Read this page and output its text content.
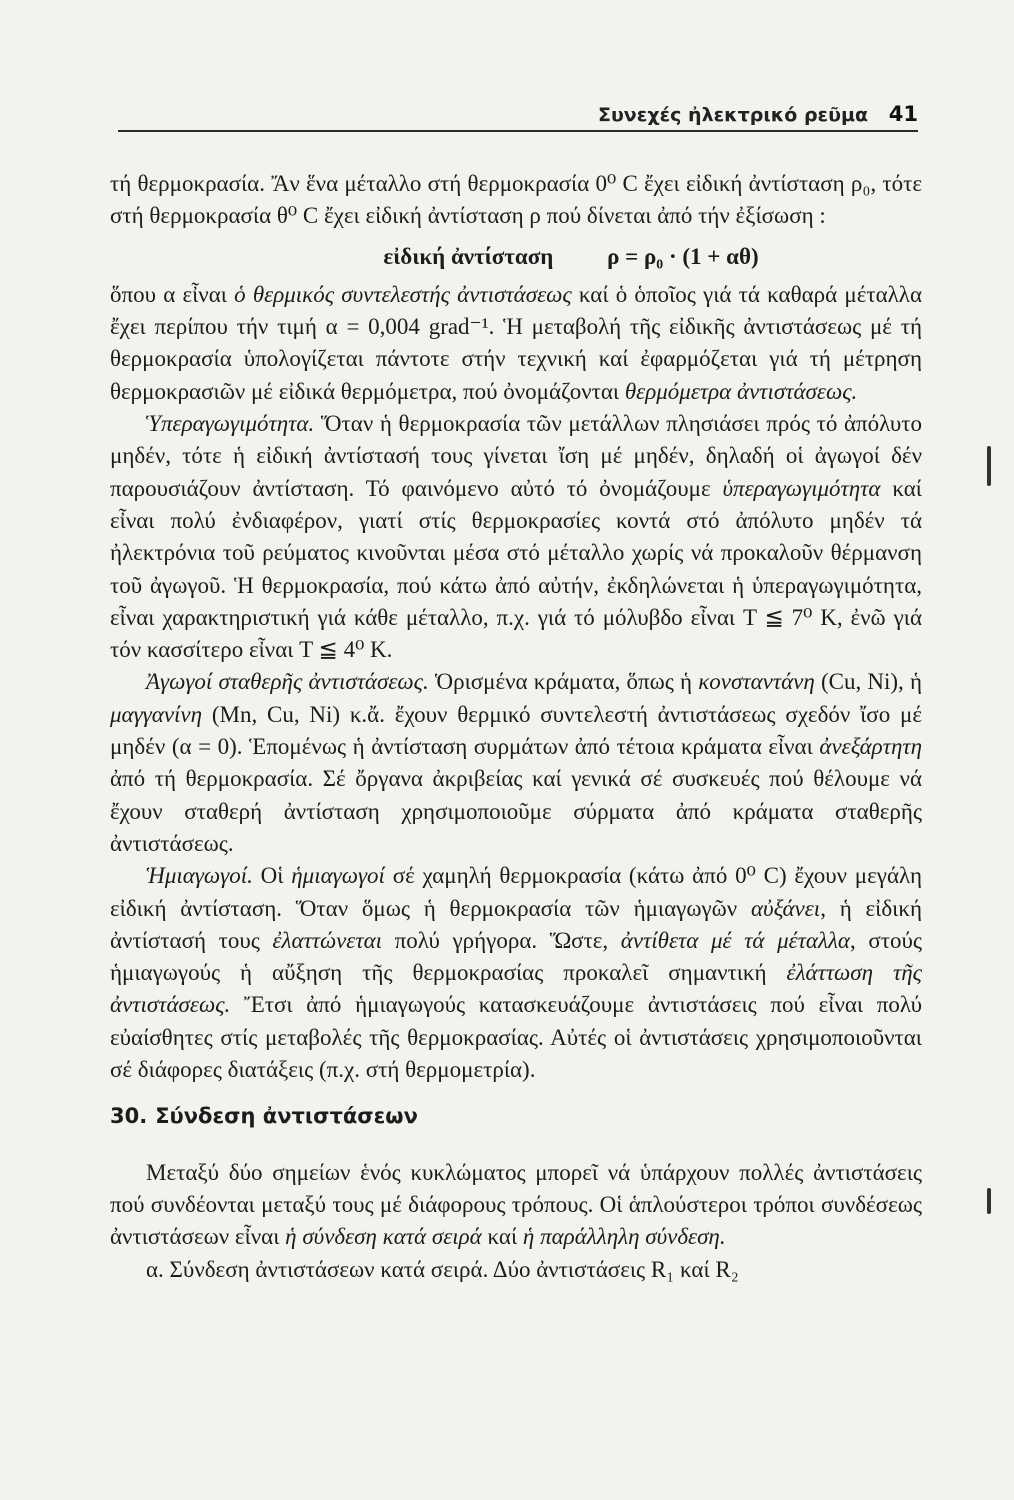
Συνεχές ἠλεκτρικό ρεῦμα 41

τή θερμοκρασία. Ἄν ἕνα μέταλλο στή θερμοκρασία 0⁰ C ἔχει εἰδική ἀντίσταση ρ₀, τότε στή θερμοκρασία θ⁰ C ἔχει εἰδική ἀντίσταση ρ πού δίνεται ἀπό τήν ἐξίσωση :

εἰδική ἀντίσταση ρ = ρ₀ · (1 + αθ)

ὅπου α εἶναι ὁ θερμικός συντελεστής ἀντιστάσεως καί ὁ ὁποῖος γιά τά καθαρά μέταλλα ἔχει περίπου τήν τιμή α = 0,004 grad⁻¹. Ἡ μεταβολή τῆς εἰδικῆς ἀντιστάσεως μέ τή θερμοκρασία ὑπολογίζεται πάντοτε στήν τεχνική καί ἐφαρμόζεται γιά τή μέτρηση θερμοκρασιῶν μέ εἰδικά θερμόμετρα, πού ὀνομάζονται θερμόμετρα ἀντιστάσεως.

Ὑπεραγωγιμότητα. Ὅταν ἡ θερμοκρασία τῶν μετάλλων πλησιάσει πρός τό ἀπόλυτο μηδέν, τότε ἡ εἰδική ἀντίστασή τους γίνεται ἴση μέ μηδέν, δηλαδή οἱ ἀγωγοί δέν παρουσιάζουν ἀντίσταση. Τό φαινόμενο αὐτό τό ὀνομάζουμε ὑπεραγωγιμότητα καί εἶναι πολύ ἐνδιαφέρον, γιατί στίς θερμοκρασίες κοντά στό ἀπόλυτο μηδέν τά ἠλεκτρόνια τοῦ ρεύματος κινοῦνται μέσα στό μέταλλο χωρίς νά προκαλοῦν θέρμανση τοῦ ἀγωγοῦ. Ἡ θερμοκρασία, πού κάτω ἀπό αὐτήν, ἐκδηλώνεται ἡ ὑπεραγωγιμότητα, εἶναι χαρακτηριστική γιά κάθε μέταλλο, π.χ. γιά τό μόλυβδο εἶναι T ≦ 7⁰ K, ἐνῶ γιά τόν κασσίτερο εἶναι T ≦ 4⁰ K.

Ἀγωγοί σταθερῆς ἀντιστάσεως. Ὁρισμένα κράματα, ὅπως ἡ κονσταντάνη (Cu, Ni), ἡ μαγγανίνη (Mn, Cu, Ni) κ.ἄ. ἔχουν θερμικό συντελεστή ἀντιστάσεως σχεδόν ἴσο μέ μηδέν (α = 0). Ἑπομένως ἡ ἀντίσταση συρμάτων ἀπό τέτοια κράματα εἶναι ἀνεξάρτητη ἀπό τή θερμοκρασία. Σέ ὄργανα ἀκριβείας καί γενικά σέ συσκευές πού θέλουμε νά ἔχουν σταθερή ἀντίσταση χρησιμοποιοῦμε σύρματα ἀπό κράματα σταθερῆς ἀντιστάσεως.

Ἡμιαγωγοί. Οἱ ἡμιαγωγοί σέ χαμηλή θερμοκρασία (κάτω ἀπό 0⁰ C) ἔχουν μεγάλη εἰδική ἀντίσταση. Ὅταν ὅμως ἡ θερμοκρασία τῶν ἡμιαγωγῶν αὐξάνει, ἡ εἰδική ἀντίστασή τους ἐλαττώνεται πολύ γρήγορα. Ὥστε, ἀντίθετα μέ τά μέταλλα, στούς ἡμιαγωγούς ἡ αὔξηση τῆς θερμοκρασίας προκαλεῖ σημαντική ἐλάττωση τῆς ἀντιστάσεως. Ἔτσι ἀπό ἡμιαγωγούς κατασκευάζουμε ἀντιστάσεις πού εἶναι πολύ εὐαίσθητες στίς μεταβολές τῆς θερμοκρασίας. Αὐτές οἱ ἀντιστάσεις χρησιμοποιοῦνται σέ διάφορες διατάξεις (π.χ. στή θερμομετρία).

30. Σύνδεση ἀντιστάσεων

Μεταξύ δύο σημείων ἑνός κυκλώματος μπορεῖ νά ὑπάρχουν πολλές ἀντιστάσεις πού συνδέονται μεταξύ τους μέ διάφορους τρόπους. Οἱ ἁπλούστεροι τρόποι συνδέσεως ἀντιστάσεων εἶναι ἡ σύνδεση κατά σειρά καί ἡ παράλληλη σύνδεση.

α. Σύνδεση ἀντιστάσεων κατά σειρά. Δύο ἀντιστάσεις R₁ καί R₂
